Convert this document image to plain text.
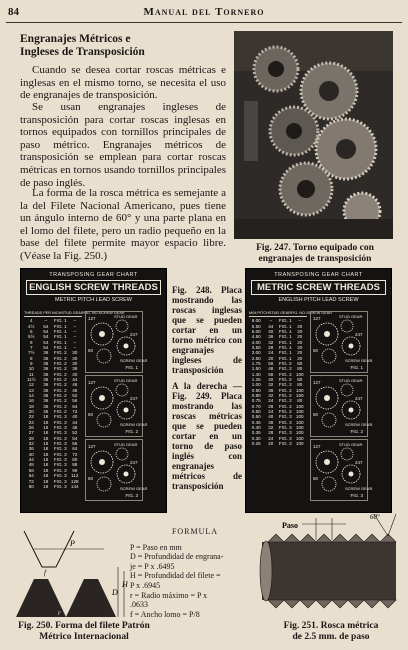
84	Manual del Tornero
Engranajes Métricos e
Ingleses de Transposición

Cuando se desea cortar roscas métricas e inglesas en el mismo torno, se necesita el uso de engranajes de transposición.

Se usan engranajes ingleses de transposición para cortar roscas inglesas en tornos equipados con tornillos principales de paso métrico. Engranajes métricos de transposición se emplean para cortar roscas métricas en tornos usando tornillos principales de paso inglés.

La forma de la rosca métrica es semejante a la del Filete Nacional Americano, pues tiene un ángulo interno de 60° y una parte plana en el lomo del filete, pero un radio pequeño en la base del filete permite mayor espacio libre. (Véase la Fig. 250.)

Fig. 247. Torno equipado con
engranajes de transposición
TRANSPOSING GEAR CHART
ENGLISH SCREW THREADS
METRIC PITCH LEAD SCREW
THREADS PER INCH STUD GEAR FIG. NO. SCREW GEAR
4	--	FIG. 1	--
4½	54	FIG. 1	--
5	54	FIG. 1	--
5½	54	FIG. 1	--
6	54	FIG. 1	--
7	54	FIG. 1	--
7½	36	FIG. 2	30
8	36	FIG. 2	30
9	36	FIG. 2	30
10	36	FIG. 2	36
11	36	FIG. 2	40
11½	36	FIG. 2	44
12	36	FIG. 2	46
13	36	FIG. 2	48
14	36	FIG. 2	52
16	36	FIG. 2	56
18	36	FIG. 2	64
20	36	FIG. 2	72
22	18	FIG. 3	40
24	18	FIG. 3	44
26	18	FIG. 3	48
27	18	FIG. 3	52
28	18	FIG. 3	54
32	18	FIG. 3	56
36	18	FIG. 3	64
40	18	FIG. 3	72
44	18	FIG. 3	80
48	18	FIG. 3	88
56	18	FIG. 3	96
64	18	FIG. 3 112
72	18	FIG. 3 128
80	18	FIG. 3 144
127	STUD GEAR
SCREW GEAR
50
247
FIG. 1
127	STUD GEAR
SCREW GEAR
50
247
FIG. 2
127	STUD GEAR
SCREW GEAR
50
247
FIG. 3
Fig. 248. Placa mostrando las roscas inglesas que se pueden cortar en un torno métrico con engranajes ingleses de transposición
A la derecha — Fig. 249. Placa mostrando las roscas métricas que se pueden cortar en un torno de paso inglés con engranajes métricos de transposición
TRANSPOSING GEAR CHART
METRIC SCREW THREADS
ENGLISH PITCH LEAD SCREW
M/M PITCH STUD GEAR FIG. NO. SCREW GEAR
6.00	--	FIG. 1	--
5.50	44	FIG. 1	20
5.00	40	FIG. 1	20
4.50	36	FIG. 1	20
4.00	32	FIG. 1	20
3.50	28	FIG. 1	20
3.00	24	FIG. 1	20
2.50	20	FIG. 1	20
1.75	56	FIG. 2	80
1.50	48	FIG. 2	80
1.40	56	FIG. 2 100
1.25	40	FIG. 2	80
1.00	32	FIG. 2	80
0.90	36	FIG. 2 100
0.80	32	FIG. 2 100
0.75	24	FIG. 2	80
0.70	28	FIG. 2 100
0.60	24	FIG. 2 100
0.50	40	FIG. 3 100
0.45	36	FIG. 3 100
0.40	32	FIG. 3 100
0.35	28	FIG. 3 100
0.30	24	FIG. 3 100
0.25	20	FIG. 3 100
127	STUD GEAR
SCREW GEAR
50
247
FIG. 1
127	STUD GEAR
SCREW GEAR
50
247
FIG. 2
127	STUD GEAR
SCREW GEAR
50
247
FIG. 3
P
D
H
f
r
60°
Fig. 250. Forma del filete Patrón
Métrico Internacional
FORMULA
P = Paso en mm
D = Profundidad de engrana-
je = P x .6495
H = Profundidad del filete =
P x .6945
r = Radio máximo = P x
.0633
f = Ancho lomo = P/8
Paso
60°
Fig. 251. Rosca métrica
de 2.5 mm. de paso
